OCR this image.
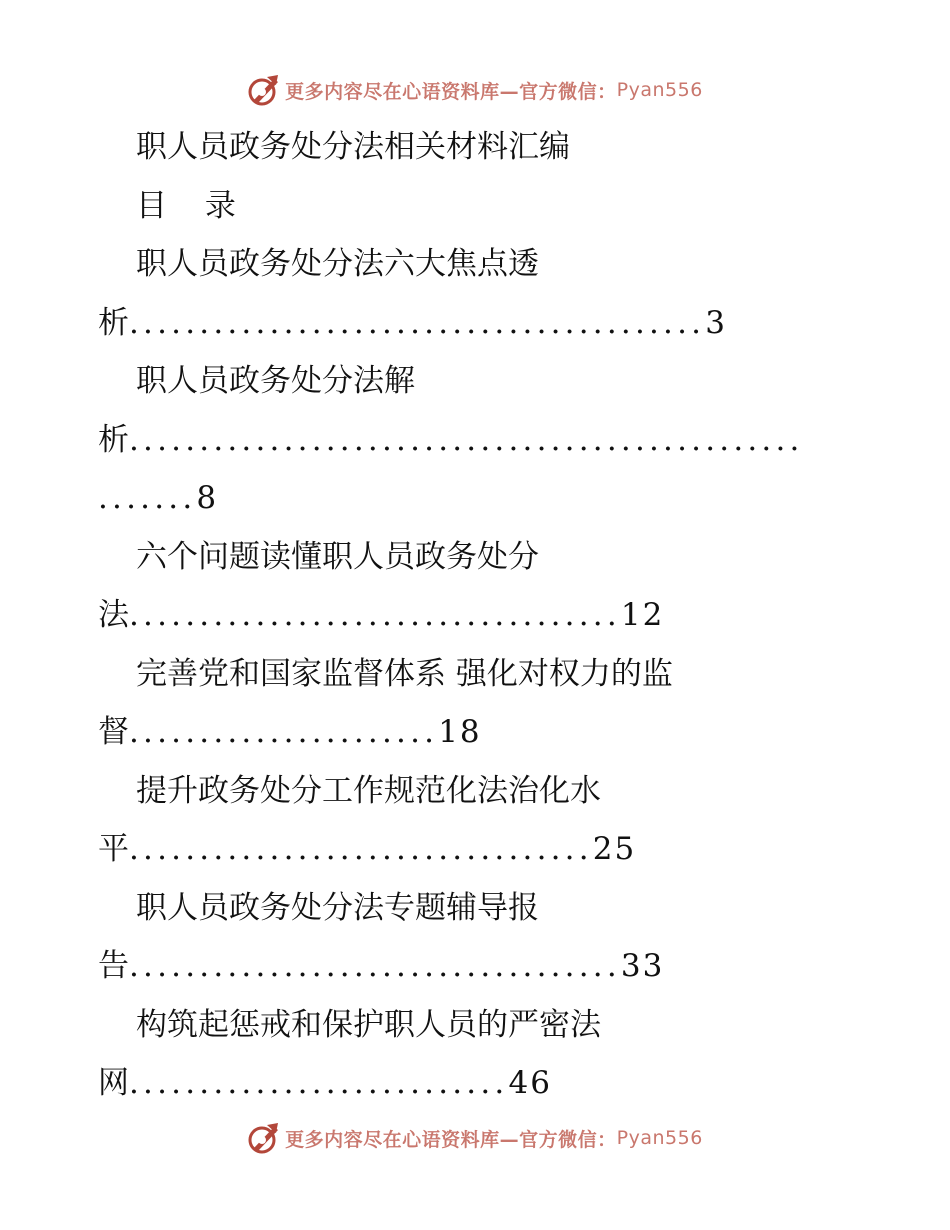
更多内容尽在心语资料库—官方微信： Pyan556
职人员政务处分法相关材料汇编
目 录
职人员政务处分法六大焦点透
析.........................................3
职人员政务处分法解
析................................................
.......8
六个问题读懂职人员政务处分
法...................................12
完善党和国家监督体系 强化对权力的监
督......................18
提升政务处分工作规范化法治化水
平.................................25
职人员政务处分法专题辅导报
告...................................33
构筑起惩戒和保护职人员的严密法
网...........................46
更多内容尽在心语资料库—官方微信： Pyan556
